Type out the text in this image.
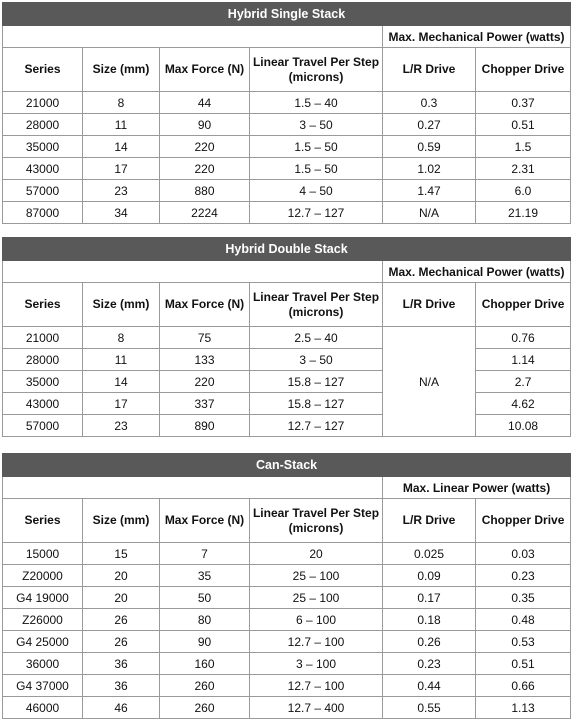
Hybrid Single Stack					
				Max. Mechanical Power (watts)	
Series	Size (mm)	Max Force (N)	Linear Travel Per Step (microns)	L/R Drive	Chopper Drive
21000	8	44	1.5 – 40	0.3	0.37
28000	11	90	3 – 50	0.27	0.51
35000	14	220	1.5 – 50	0.59	1.5
43000	17	220	1.5 – 50	1.02	2.31
57000	23	880	4 – 50	1.47	6.0
87000	34	2224	12.7 – 127	N/A	21.19
Hybrid Double Stack					
				Max. Mechanical Power (watts)	
Series	Size (mm)	Max Force (N)	Linear Travel Per Step (microns)	L/R Drive	Chopper Drive
21000	8	75	2.5 – 40	N/A	0.76
28000	11	133	3 – 50		1.14
35000	14	220	15.8 – 127		2.7
43000	17	337	15.8 – 127		4.62
57000	23	890	12.7 – 127		10.08
Can-Stack					
				Max. Linear Power (watts)	
Series	Size (mm)	Max Force (N)	Linear Travel Per Step (microns)	L/R Drive	Chopper Drive
15000	15	7	20	0.025	0.03
Z20000	20	35	25 – 100	0.09	0.23
G4 19000	20	50	25 – 100	0.17	0.35
Z26000	26	80	6 – 100	0.18	0.48
G4 25000	26	90	12.7 – 100	0.26	0.53
36000	36	160	3 – 100	0.23	0.51
G4 37000	36	260	12.7 – 100	0.44	0.66
46000	46	260	12.7 – 400	0.55	1.13
